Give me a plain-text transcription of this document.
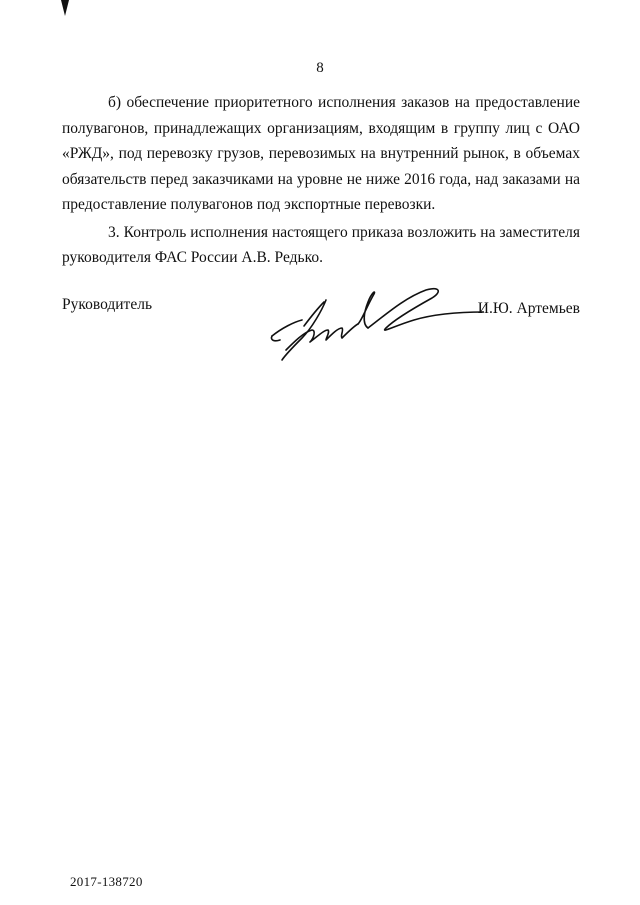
8
б) обеспечение приоритетного исполнения заказов на предоставление
полувагонов, принадлежащих организациям, входящим в группу лиц с ОАО
«РЖД», под перевозку грузов, перевозимых на внутренний рынок, в объемах
обязательств перед заказчиками на уровне не ниже 2016 года, над заказами на
предоставление полувагонов под экспортные перевозки.
3. Контроль исполнения настоящего приказа возложить на заместителя
руководителя ФАС России А.В. Редько.
Руководитель	И.Ю. Артемьев
2017-138720
